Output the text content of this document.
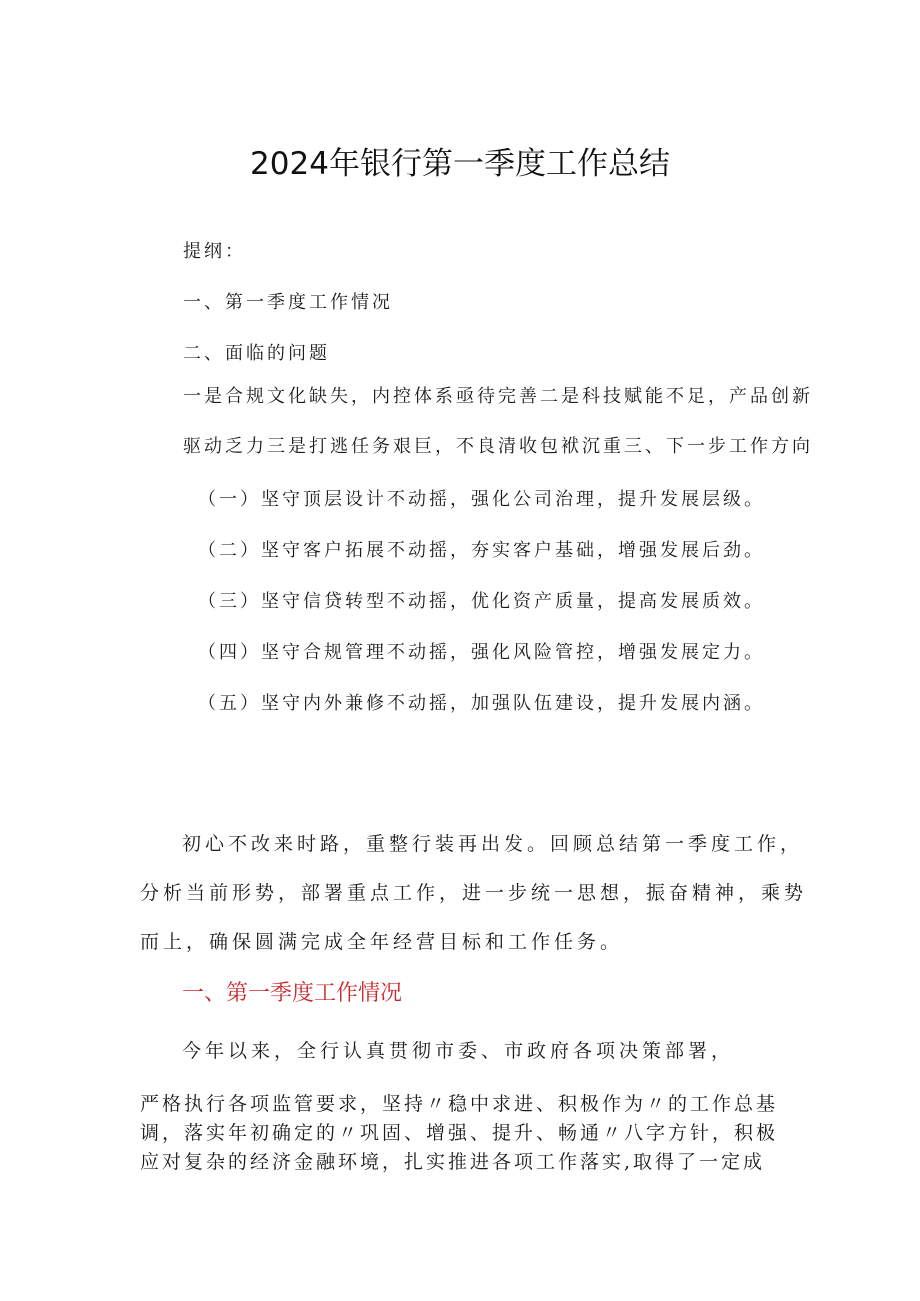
2024年银行第一季度工作总结
提纲：
一、第一季度工作情况
二、面临的问题
一是合规文化缺失，内控体系亟待完善二是科技赋能不足，产品创新
驱动乏力三是打逃任务艰巨，不良清收包袱沉重三、下一步工作方向
（一）坚守顶层设计不动摇，强化公司治理，提升发展层级。
（二）坚守客户拓展不动摇，夯实客户基础，增强发展后劲。
（三）坚守信贷转型不动摇，优化资产质量，提高发展质效。
（四）坚守合规管理不动摇，强化风险管控，增强发展定力。
（五）坚守内外兼修不动摇，加强队伍建设，提升发展内涵。
初心不改来时路，重整行装再出发。回顾总结第一季度工作，
分析当前形势，部署重点工作，进一步统一思想，振奋精神，乘势
而上，确保圆满完成全年经营目标和工作任务。
一、第一季度工作情况
今年以来，全行认真贯彻市委、市政府各项决策部署，
严格执行各项监管要求，坚持〃稳中求进、积极作为〃的工作总基
调，落实年初确定的〃巩固、增强、提升、畅通〃八字方针，积极
应对复杂的经济金融环境，扎实推进各项工作落实,取得了一定成
